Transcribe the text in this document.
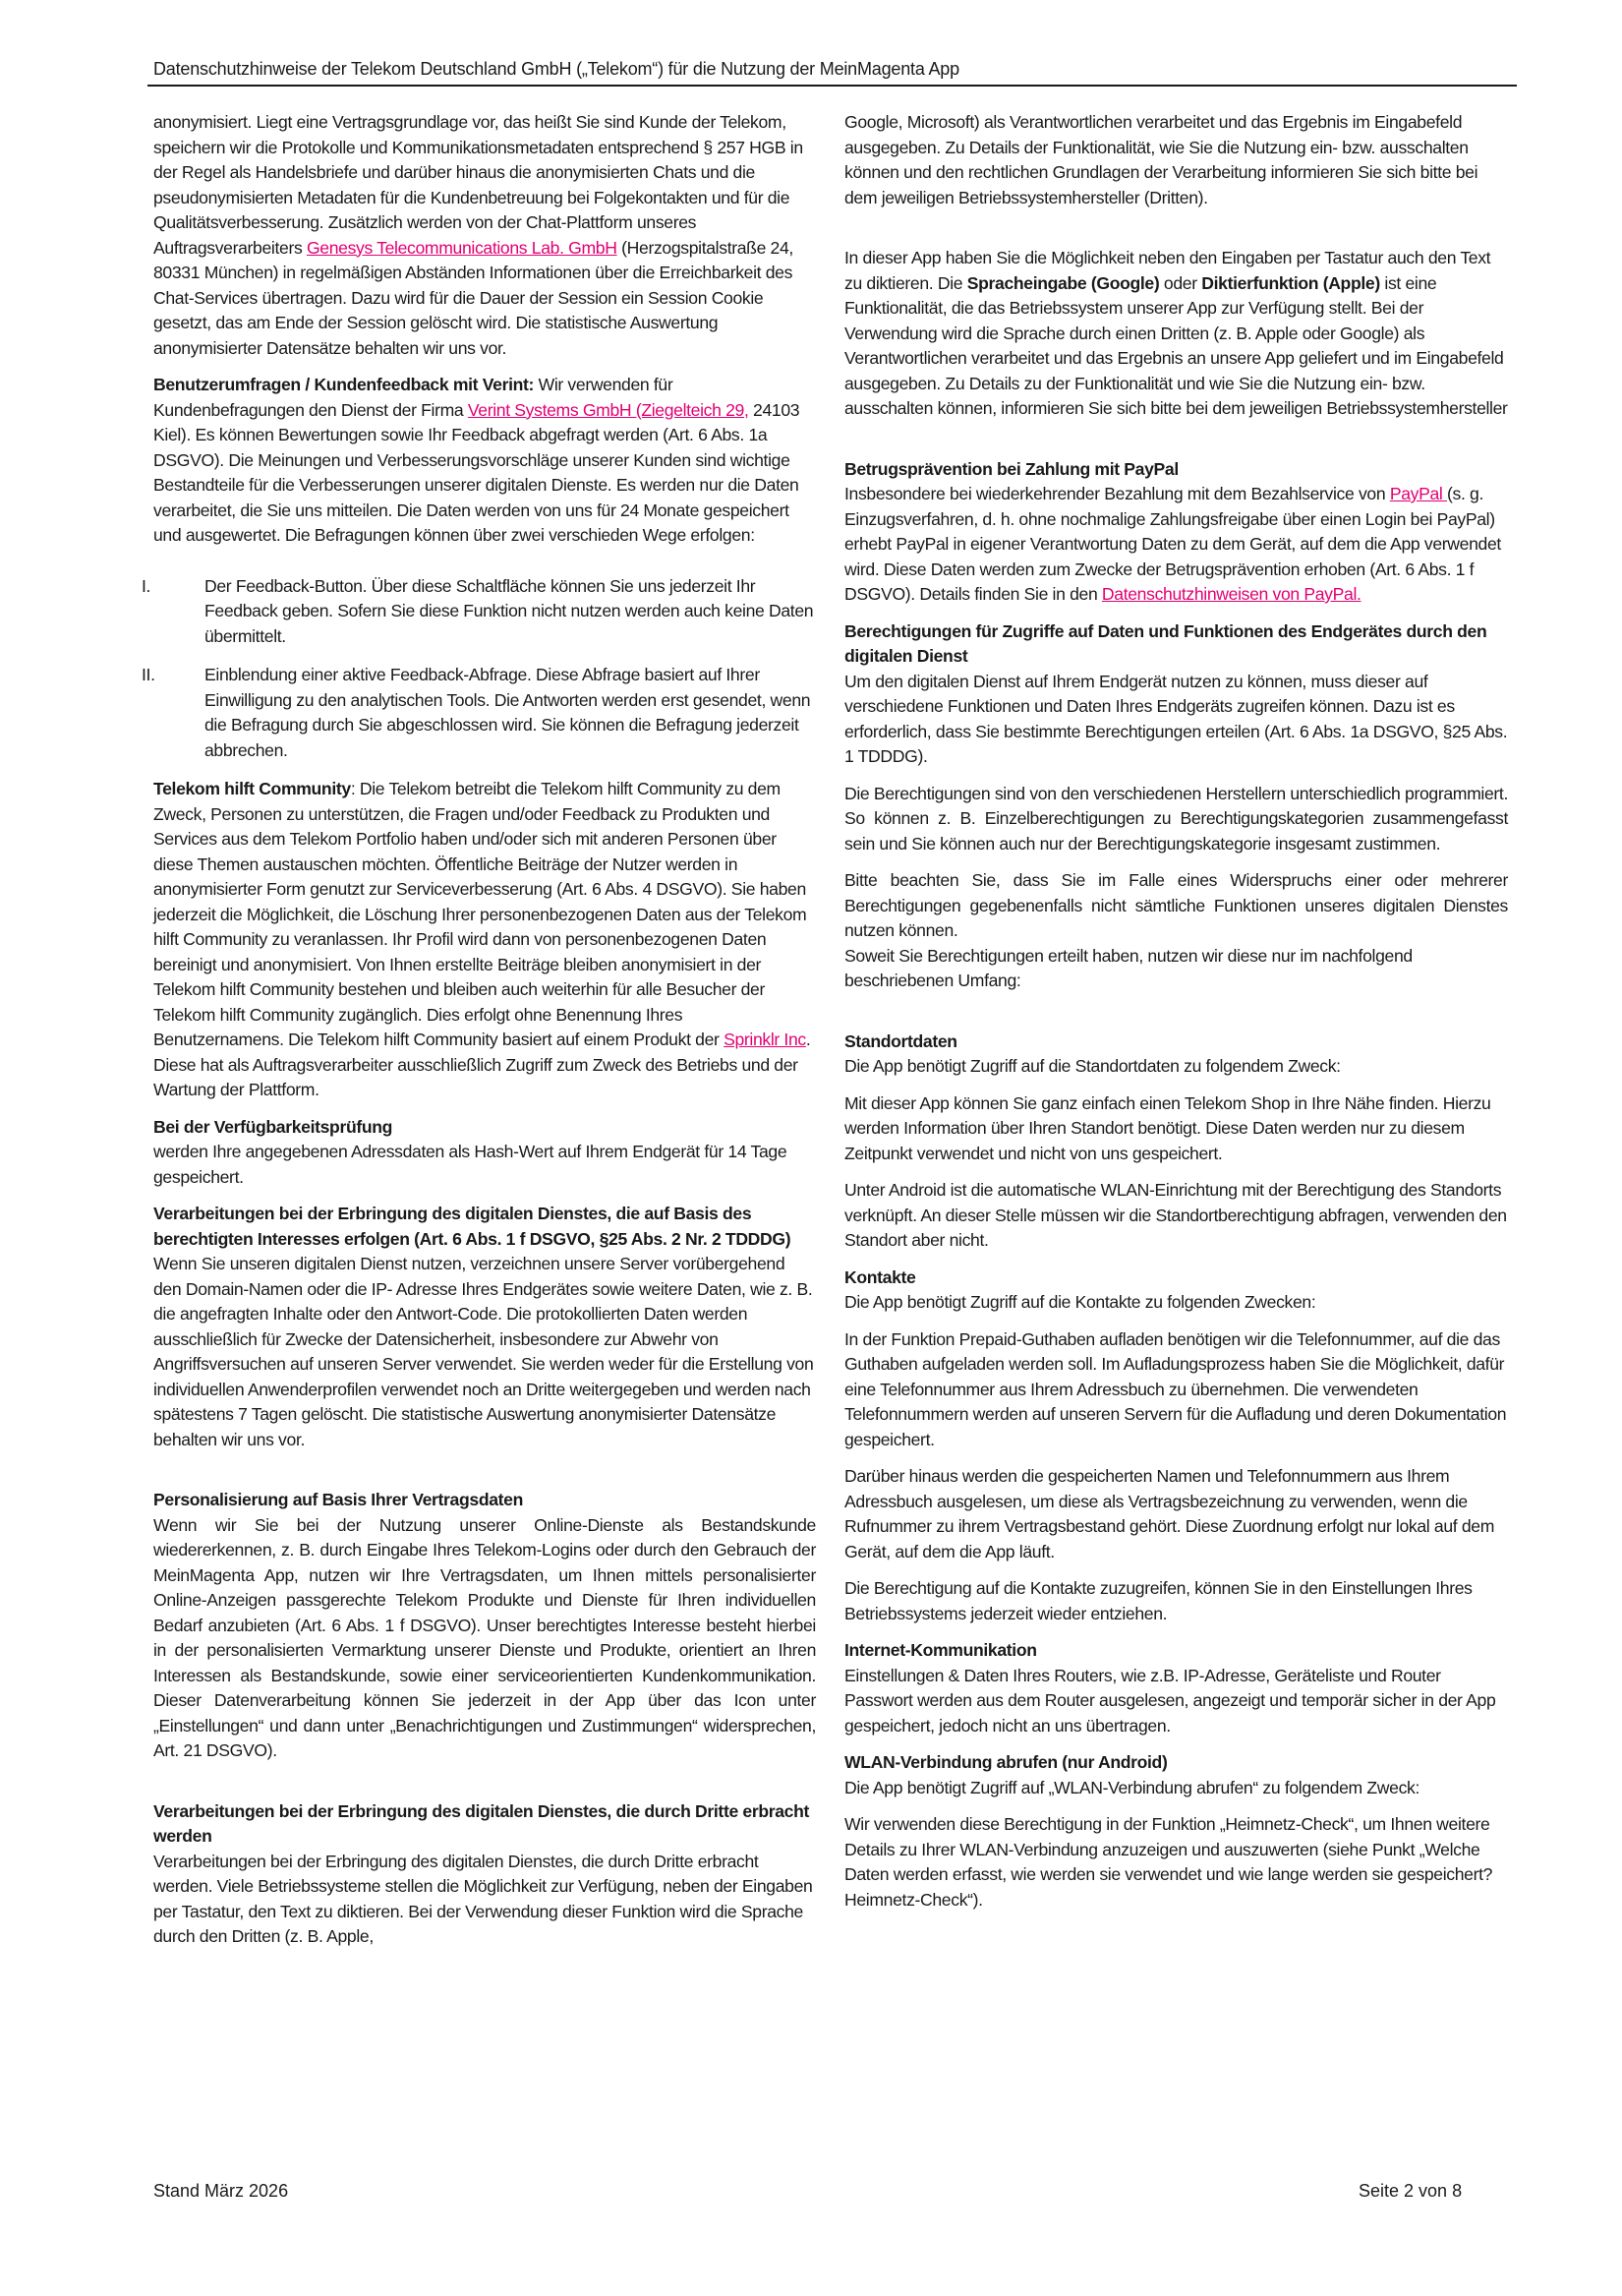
Datenschutzhinweise der Telekom Deutschland GmbH („Telekom“) für die Nutzung der MeinMagenta App

anonymisiert. Liegt eine Vertragsgrundlage vor, das heißt Sie sind Kunde der Telekom, speichern wir die Protokolle und Kommunikationsmetadaten entsprechend § 257 HGB in der Regel als Handelsbriefe und darüber hinaus die anonymisierten Chats und die pseudonymisierten Metadaten für die Kundenbetreuung bei Folgekontakten und für die Qualitätsverbesserung. Zusätzlich werden von der Chat-Plattform unseres Auftragsverarbeiters Genesys Telecommunications Lab. GmbH (Herzogspitalstraße 24, 80331 München) in regelmäßigen Abständen Informationen über die Erreichbarkeit des Chat-Services übertragen. Dazu wird für die Dauer der Session ein Session Cookie gesetzt, das am Ende der Session gelöscht wird. Die statistische Auswertung anonymisierter Datensätze behalten wir uns vor.

Benutzerumfragen / Kundenfeedback mit Verint: Wir verwenden für Kundenbefragungen den Dienst der Firma Verint Systems GmbH (Ziegelteich 29, 24103 Kiel). Es können Bewertungen sowie Ihr Feedback abgefragt werden (Art. 6 Abs. 1a DSGVO). Die Meinungen und Verbesserungsvorschläge unserer Kunden sind wichtige Bestandteile für die Verbesserungen unserer digitalen Dienste. Es werden nur die Daten verarbeitet, die Sie uns mitteilen. Die Daten werden von uns für 24 Monate gespeichert und ausgewertet. Die Befragungen können über zwei verschieden Wege erfolgen:

I.	Der Feedback-Button. Über diese Schaltfläche können Sie uns jederzeit Ihr Feedback geben. Sofern Sie diese Funktion nicht nutzen werden auch keine Daten übermittelt.
II.	Einblendung einer aktive Feedback-Abfrage. Diese Abfrage basiert auf Ihrer Einwilligung zu den analytischen Tools. Die Antworten werden erst gesendet, wenn die Befragung durch Sie abgeschlossen wird. Sie können die Befragung jederzeit abbrechen.

Telekom hilft Community: Die Telekom betreibt die Telekom hilft Community zu dem Zweck, Personen zu unterstützen, die Fragen und/oder Feedback zu Produkten und Services aus dem Telekom Portfolio haben und/oder sich mit anderen Personen über diese Themen austauschen möchten. Öffentliche Beiträge der Nutzer werden in anonymisierter Form genutzt zur Serviceverbesserung (Art. 6 Abs. 4 DSGVO). Sie haben jederzeit die Möglichkeit, die Löschung Ihrer personenbezogenen Daten aus der Telekom hilft Community zu veranlassen. Ihr Profil wird dann von personenbezogenen Daten bereinigt und anonymisiert. Von Ihnen erstellte Beiträge bleiben anonymisiert in der Telekom hilft Community bestehen und bleiben auch weiterhin für alle Besucher der Telekom hilft Community zugänglich. Dies erfolgt ohne Benennung Ihres Benutzernamens. Die Telekom hilft Community basiert auf einem Produkt der Sprinklr Inc. Diese hat als Auftragsverarbeiter ausschließlich Zugriff zum Zweck des Betriebs und der Wartung der Plattform.

Bei der Verfügbarkeitsprüfung
werden Ihre angegebenen Adressdaten als Hash-Wert auf Ihrem Endgerät für 14 Tage gespeichert.

Verarbeitungen bei der Erbringung des digitalen Dienstes, die auf Basis des berechtigten Interesses erfolgen (Art. 6 Abs. 1 f DSGVO, §25 Abs. 2 Nr. 2 TDDDG)
Wenn Sie unseren digitalen Dienst nutzen, verzeichnen unsere Server vorübergehend den Domain-Namen oder die IP- Adresse Ihres Endgerätes sowie weitere Daten, wie z. B. die angefragten Inhalte oder den Antwort-Code. Die protokollierten Daten werden ausschließlich für Zwecke der Datensicherheit, insbesondere zur Abwehr von Angriffsversuchen auf unseren Server verwendet. Sie werden weder für die Erstellung von individuellen Anwenderprofilen verwendet noch an Dritte weitergegeben und werden nach spätestens 7 Tagen gelöscht. Die statistische Auswertung anonymisierter Datensätze behalten wir uns vor.

Personalisierung auf Basis Ihrer Vertragsdaten
Wenn wir Sie bei der Nutzung unserer Online-Dienste als Bestandskunde wiedererkennen, z. B. durch Eingabe Ihres Telekom-Logins oder durch den Gebrauch der MeinMagenta App, nutzen wir Ihre Vertragsdaten, um Ihnen mittels personalisierter Online-Anzeigen passgerechte Telekom Produkte und Dienste für Ihren individuellen Bedarf anzubieten (Art. 6 Abs. 1 f DSGVO). Unser berechtigtes Interesse besteht hierbei in der personalisierten Vermarktung unserer Dienste und Produkte, orientiert an Ihren Interessen als Bestandskunde, sowie einer serviceorientierten Kundenkommunikation. Dieser Datenverarbeitung können Sie jederzeit in der App über das Icon unter „Einstellungen“ und dann unter „Benachrichtigungen und Zustimmungen“ widersprechen, Art. 21 DSGVO).

Verarbeitungen bei der Erbringung des digitalen Dienstes, die durch Dritte erbracht werden
Verarbeitungen bei der Erbringung des digitalen Dienstes, die durch Dritte erbracht werden. Viele Betriebssysteme stellen die Möglichkeit zur Verfügung, neben der Eingaben per Tastatur, den Text zu diktieren. Bei der Verwendung dieser Funktion wird die Sprache durch den Dritten (z. B. Apple,

Google, Microsoft) als Verantwortlichen verarbeitet und das Ergebnis im Eingabefeld ausgegeben. Zu Details der Funktionalität, wie Sie die Nutzung ein- bzw. ausschalten können und den rechtlichen Grundlagen der Verarbeitung informieren Sie sich bitte bei dem jeweiligen Betriebssystemhersteller (Dritten).

In dieser App haben Sie die Möglichkeit neben den Eingaben per Tastatur auch den Text zu diktieren. Die Spracheingabe (Google) oder Diktierfunktion (Apple) ist eine Funktionalität, die das Betriebssystem unserer App zur Verfügung stellt. Bei der Verwendung wird die Sprache durch einen Dritten (z. B. Apple oder Google) als Verantwortlichen verarbeitet und das Ergebnis an unsere App geliefert und im Eingabefeld ausgegeben. Zu Details zu der Funktionalität und wie Sie die Nutzung ein- bzw. ausschalten können, informieren Sie sich bitte bei dem jeweiligen Betriebssystemhersteller

Betrugsprävention bei Zahlung mit PayPal
Insbesondere bei wiederkehrender Bezahlung mit dem Bezahlservice von PayPal (s. g. Einzugsverfahren, d. h. ohne nochmalige Zahlungsfreigabe über einen Login bei PayPal) erhebt PayPal in eigener Verantwortung Daten zu dem Gerät, auf dem die App verwendet wird. Diese Daten werden zum Zwecke der Betrugsprävention erhoben (Art. 6 Abs. 1 f DSGVO). Details finden Sie in den Datenschutzhinweisen von PayPal.

Berechtigungen für Zugriffe auf Daten und Funktionen des Endgerätes durch den digitalen Dienst
Um den digitalen Dienst auf Ihrem Endgerät nutzen zu können, muss dieser auf verschiedene Funktionen und Daten Ihres Endgeräts zugreifen können. Dazu ist es erforderlich, dass Sie bestimmte Berechtigungen erteilen (Art. 6 Abs. 1a DSGVO, §25 Abs. 1 TDDDG).

Die Berechtigungen sind von den verschiedenen Herstellern unterschiedlich programmiert. So können z. B. Einzelberechtigungen zu Berechtigungskategorien zusammengefasst sein und Sie können auch nur der Berechtigungskategorie insgesamt zustimmen.

Bitte beachten Sie, dass Sie im Falle eines Widerspruchs einer oder mehrerer Berechtigungen gegebenenfalls nicht sämtliche Funktionen unseres digitalen Dienstes nutzen können.

Soweit Sie Berechtigungen erteilt haben, nutzen wir diese nur im nachfolgend beschriebenen Umfang:

Standortdaten
Die App benötigt Zugriff auf die Standortdaten zu folgendem Zweck:

Mit dieser App können Sie ganz einfach einen Telekom Shop in Ihre Nähe finden. Hierzu werden Information über Ihren Standort benötigt. Diese Daten werden nur zu diesem Zeitpunkt verwendet und nicht von uns gespeichert.

Unter Android ist die automatische WLAN-Einrichtung mit der Berechtigung des Standorts verknüpft. An dieser Stelle müssen wir die Standortberechtigung abfragen, verwenden den Standort aber nicht.

Kontakte
Die App benötigt Zugriff auf die Kontakte zu folgenden Zwecken:

In der Funktion Prepaid-Guthaben aufladen benötigen wir die Telefonnummer, auf die das Guthaben aufgeladen werden soll. Im Aufladungsprozess haben Sie die Möglichkeit, dafür eine Telefonnummer aus Ihrem Adressbuch zu übernehmen. Die verwendeten Telefonnummern werden auf unseren Servern für die Aufladung und deren Dokumentation gespeichert.

Darüber hinaus werden die gespeicherten Namen und Telefonnummern aus Ihrem Adressbuch ausgelesen, um diese als Vertragsbezeichnung zu verwenden, wenn die Rufnummer zu ihrem Vertragsbestand gehört. Diese Zuordnung erfolgt nur lokal auf dem Gerät, auf dem die App läuft.

Die Berechtigung auf die Kontakte zuzugreifen, können Sie in den Einstellungen Ihres Betriebssystems jederzeit wieder entziehen.

Internet-Kommunikation
Einstellungen & Daten Ihres Routers, wie z.B. IP-Adresse, Geräteliste und Router Passwort werden aus dem Router ausgelesen, angezeigt und temporär sicher in der App gespeichert, jedoch nicht an uns übertragen.

WLAN-Verbindung abrufen (nur Android)
Die App benötigt Zugriff auf „WLAN-Verbindung abrufen“ zu folgendem Zweck:

Wir verwenden diese Berechtigung in der Funktion „Heimnetz-Check“, um Ihnen weitere Details zu Ihrer WLAN-Verbindung anzuzeigen und auszuwerten (siehe Punkt „Welche Daten werden erfasst, wie werden sie verwendet und wie lange werden sie gespeichert? Heimnetz-Check“).

Stand März 2026	Seite 2 von 8
